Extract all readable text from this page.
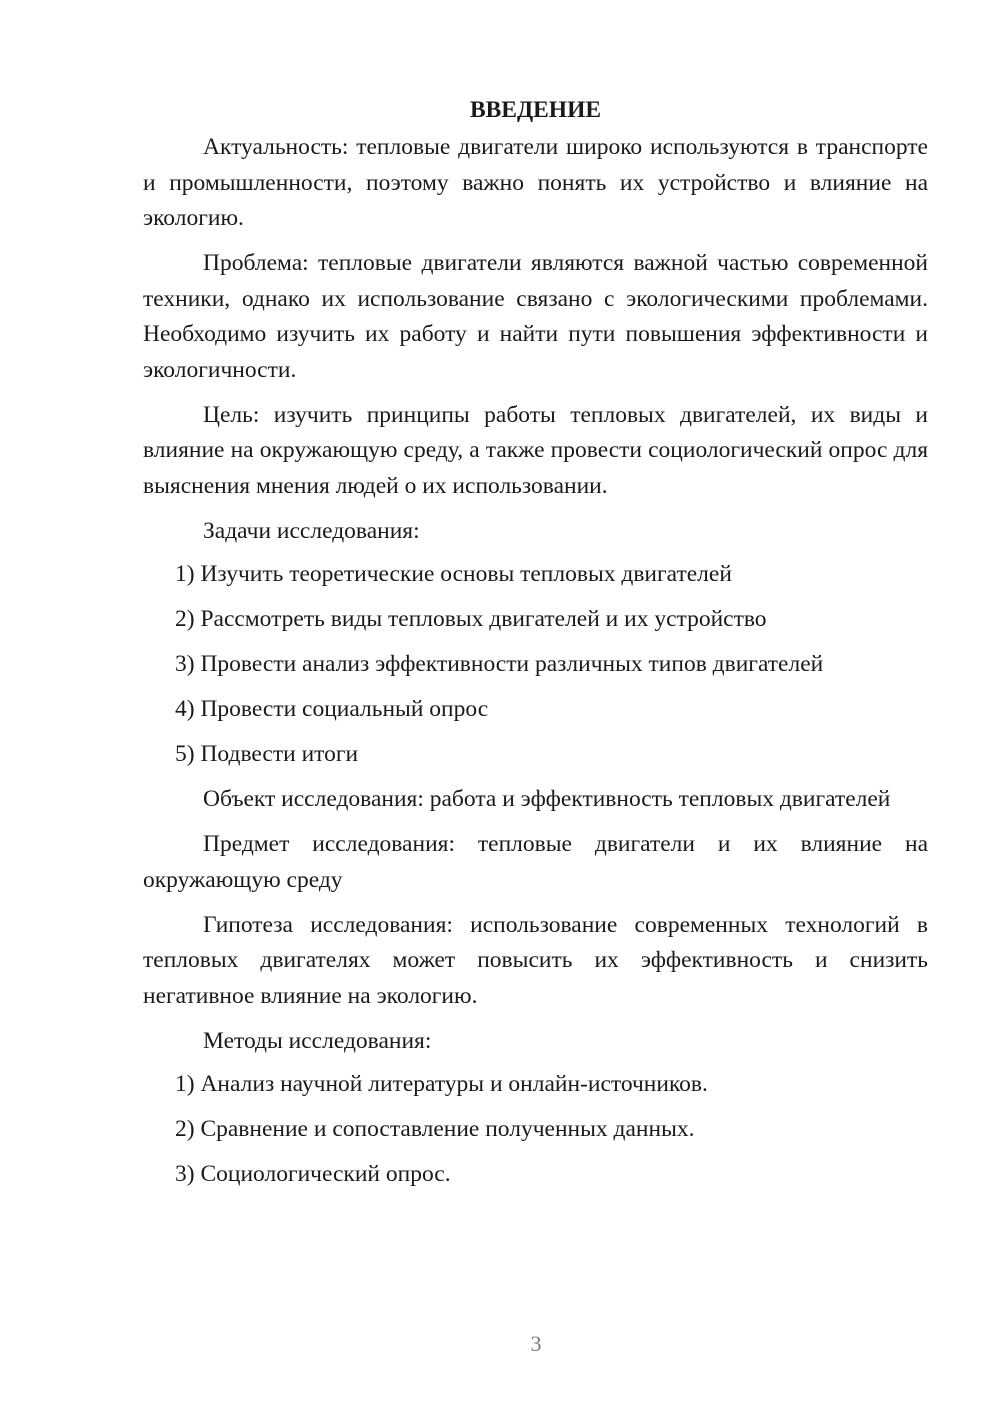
ВВЕДЕНИЕ

Актуальность: тепловые двигатели широко используются в транспорте и промышленности, поэтому важно понять их устройство и влияние на экологию.

Проблема: тепловые двигатели являются важной частью современной техники, однако их использование связано с экологическими проблемами. Необходимо изучить их работу и найти пути повышения эффективности и экологичности.

Цель: изучить принципы работы тепловых двигателей, их виды и влияние на окружающую среду, а также провести социологический опрос для выяснения мнения людей о их использовании.

Задачи исследования:

1) Изучить теоретические основы тепловых двигателей
2) Рассмотреть виды тепловых двигателей и их устройство
3) Провести анализ эффективности различных типов двигателей
4) Провести социальный опрос
5) Подвести итоги

Объект исследования: работа и эффективность тепловых двигателей

Предмет исследования: тепловые двигатели и их влияние на окружающую среду

Гипотеза исследования: использование современных технологий в тепловых двигателях может повысить их эффективность и снизить негативное влияние на экологию.

Методы исследования:

1) Анализ научной литературы и онлайн-источников.
2) Сравнение и сопоставление полученных данных.
3) Социологический опрос.
3
